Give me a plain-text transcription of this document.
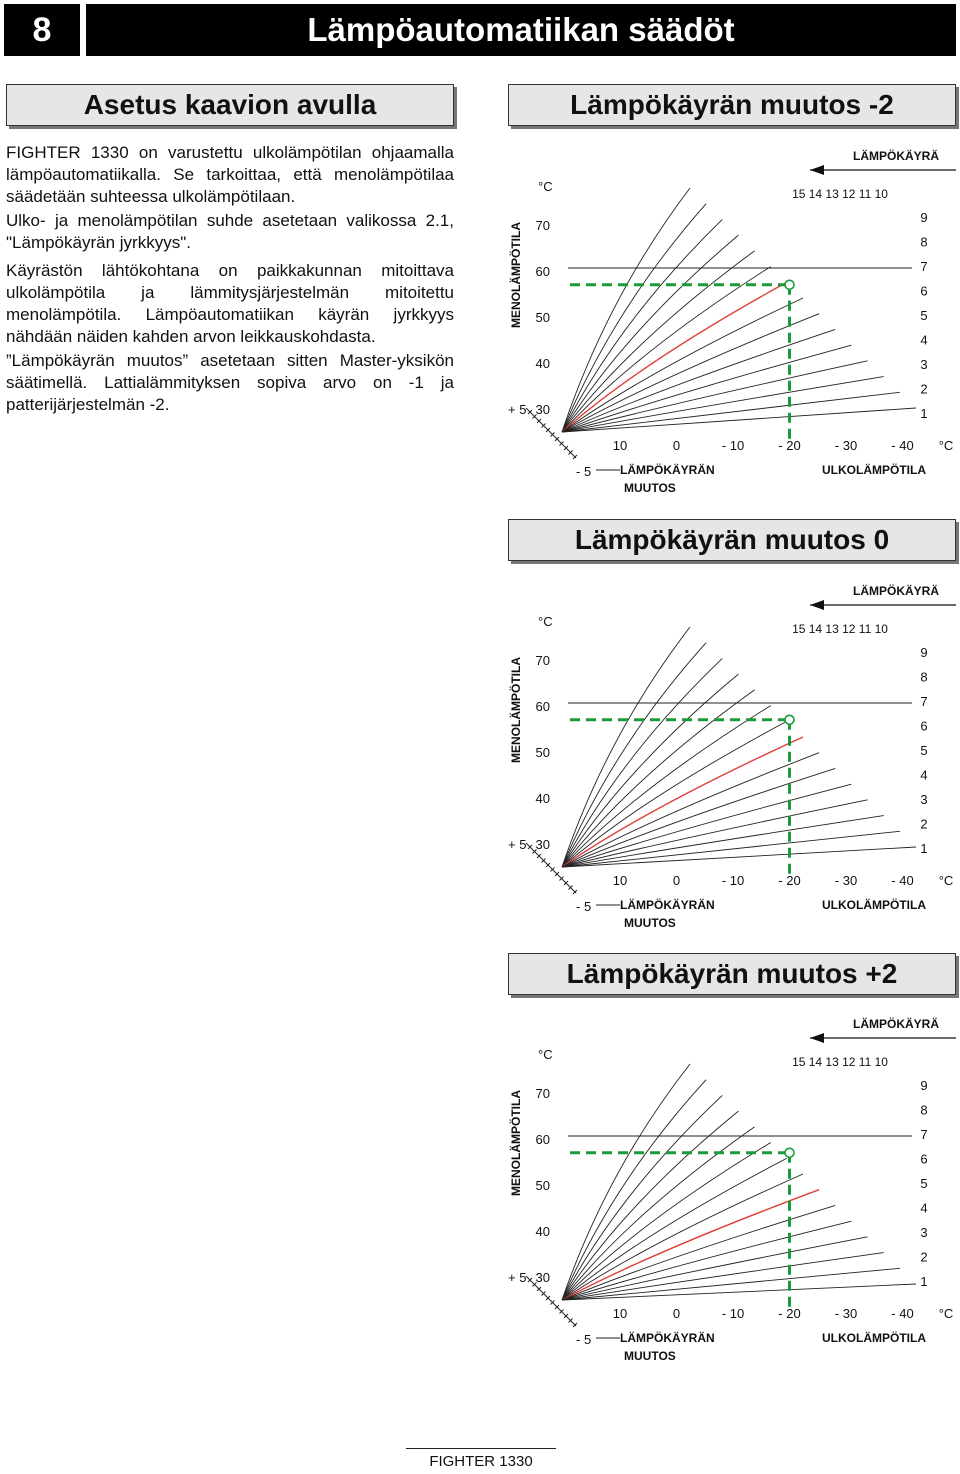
8	Lämpöautomatiikan säädöt
Asetus kaavion avulla

FIGHTER 1330 on varustettu ulkolämpötilan ohjaamalla lämpöautomatiikalla. Se tarkoittaa, että menolämpötilaa säädetään suhteessa ulkolämpötilaan.

Ulko- ja menolämpötilan suhde asetetaan valikossa 2.1, "Lämpökäyrän jyrkkyys".

Käyrästön lähtökohtana on paikkakunnan mitoittava ulkolämpötila ja lämmitysjärjestelmän mitoitettu menolämpötila. Lämpöautomatiikan käyrän jyrkkyys nähdään näiden kahden arvon leikkauskohdasta.

”Lämpökäyrän muutos” asetetaan sitten Master-yksikön säätimellä. Lattialämmityksen sopiva arvo on -1 ja patterijärjestelmän -2.

Lämpökäyrän muutos -2
Lämpökäyrän muutos 0
Lämpökäyrän muutos +2
LÄMPÖKÄYRÄ
MENOLÄMPÖTILA
°C
70
60
50
40
30
15 14 13 12 11 10
9
8
7
6
5
4
3
2
1
+ 5
- 5 LÄMPÖKÄYRÄN
MUUTOS
10	0	- 10	- 20	- 30	- 40 °C
ULKOLÄMPÖTILA
LÄMPÖKÄYRÄ
MENOLÄMPÖTILA
°C
70
60
50
40
30
15 14 13 12 11 10
9
8
7
6
5
4
3
2
1
+ 5
- 5 LÄMPÖKÄYRÄN
MUUTOS
10	0	- 10	- 20	- 30	- 40 °C
ULKOLÄMPÖTILA
LÄMPÖKÄYRÄ
MENOLÄMPÖTILA
°C
70
60
50
40
30
15 14 13 12 11 10
9
8
7
6
5
4
3
2
1
+ 5
- 5 LÄMPÖKÄYRÄN
MUUTOS
10	0	- 10	- 20	- 30	- 40 °C
ULKOLÄMPÖTILA
FIGHTER 1330
